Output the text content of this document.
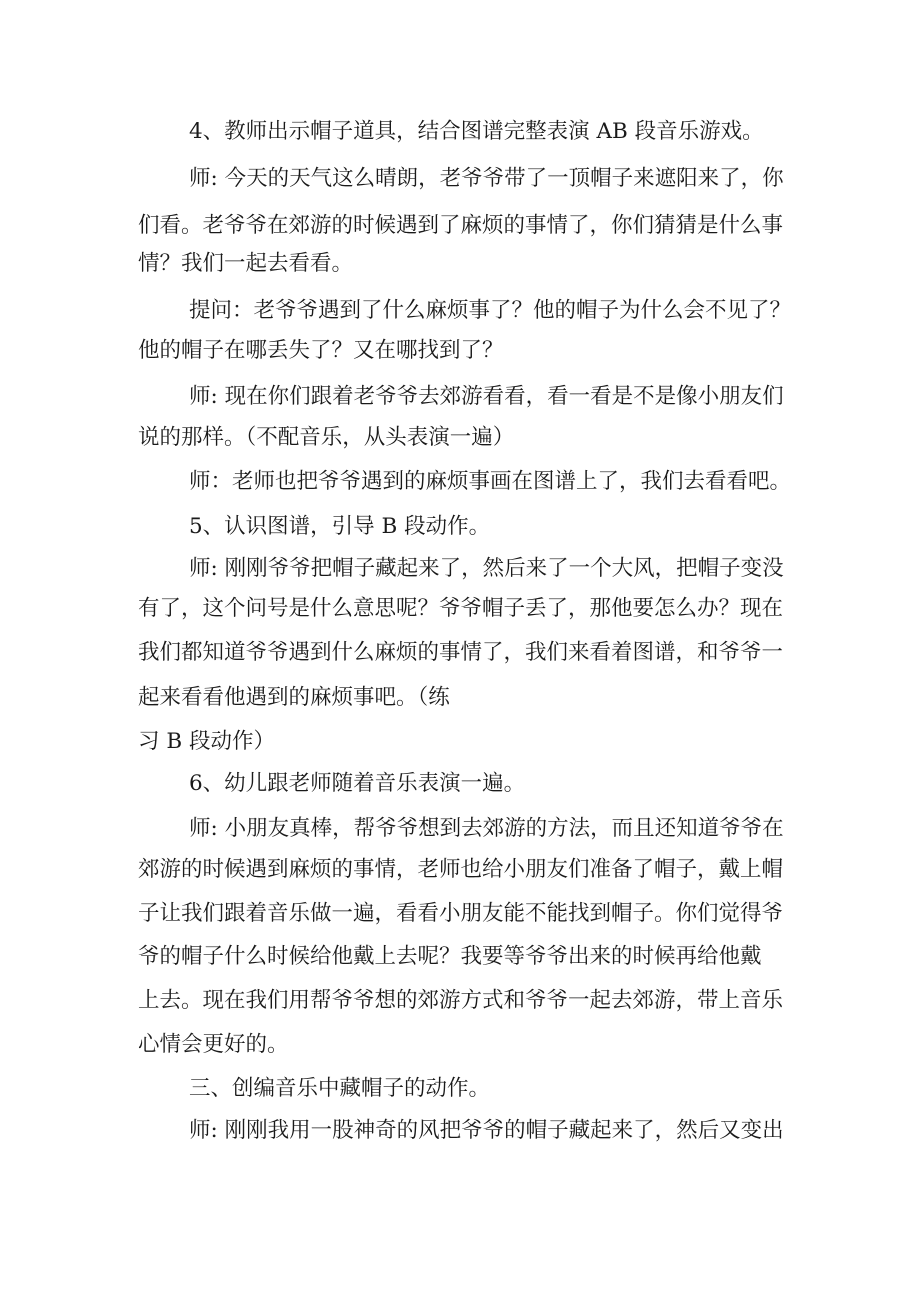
4、教师出示帽子道具，结合图谱完整表演 AB 段音乐游戏。
师: 今天的天气这么晴朗，老爷爷带了一顶帽子来遮阳来了，你
们看。老爷爷在郊游的时候遇到了麻烦的事情了，你们猜猜是什么事
情？我们一起去看看。
提问：老爷爷遇到了什么麻烦事了？他的帽子为什么会不见了？
他的帽子在哪丢失了？又在哪找到了？
师: 现在你们跟着老爷爷去郊游看看，看一看是不是像小朋友们
说的那样。（不配音乐，从头表演一遍）
师：老师也把爷爷遇到的麻烦事画在图谱上了，我们去看看吧。
5、认识图谱，引导 B 段动作。
师: 刚刚爷爷把帽子藏起来了，然后来了一个大风，把帽子变没
有了，这个问号是什么意思呢？爷爷帽子丢了，那他要怎么办？现在
我们都知道爷爷遇到什么麻烦的事情了，我们来看着图谱，和爷爷一
起来看看他遇到的麻烦事吧。（练
习 B 段动作）
6、幼儿跟老师随着音乐表演一遍。
师: 小朋友真棒，帮爷爷想到去郊游的方法，而且还知道爷爷在
郊游的时候遇到麻烦的事情，老师也给小朋友们准备了帽子，戴上帽
子让我们跟着音乐做一遍，看看小朋友能不能找到帽子。你们觉得爷
爷的帽子什么时候给他戴上去呢？我要等爷爷出来的时候再给他戴
上去。现在我们用帮爷爷想的郊游方式和爷爷一起去郊游，带上音乐
心情会更好的。
三、创编音乐中藏帽子的动作。
师: 刚刚我用一股神奇的风把爷爷的帽子藏起来了，然后又变出
